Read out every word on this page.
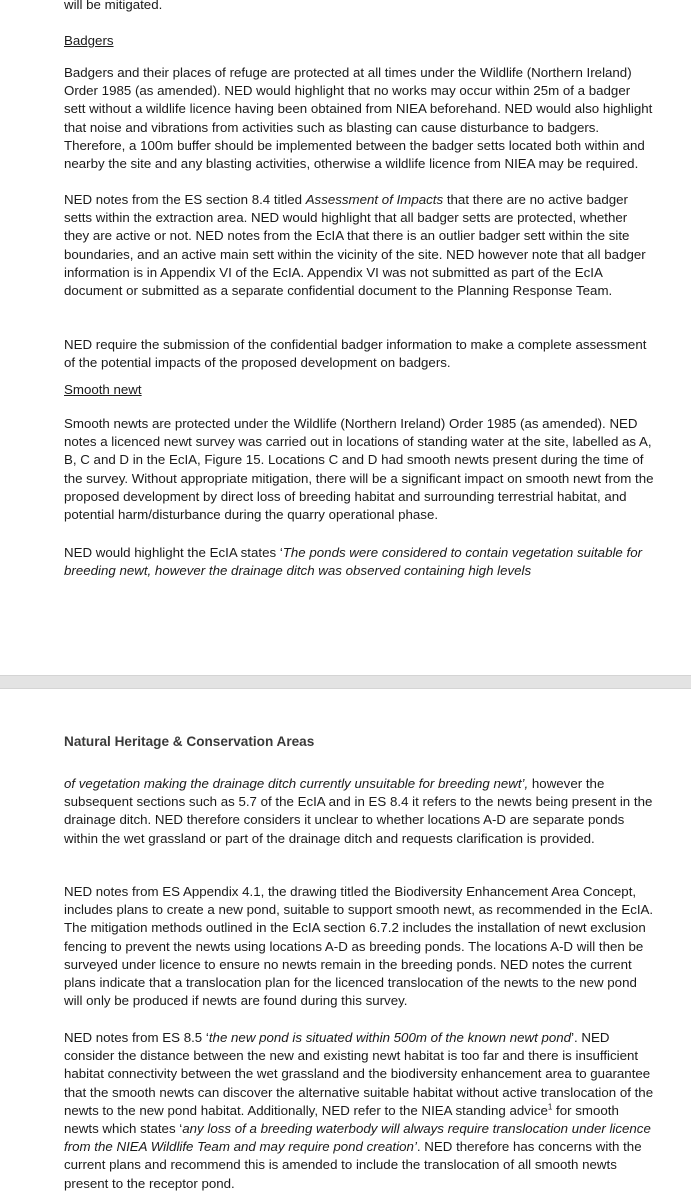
will be mitigated.

Badgers

Badgers and their places of refuge are protected at all times under the Wildlife (Northern Ireland) Order 1985 (as amended). NED would highlight that no works may occur within 25m of a badger sett without a wildlife licence having been obtained from NIEA beforehand. NED would also highlight that noise and vibrations from activities such as blasting can cause disturbance to badgers. Therefore, a 100m buffer should be implemented between the badger setts located both within and nearby the site and any blasting activities, otherwise a wildlife licence from NIEA may be required.

NED notes from the ES section 8.4 titled Assessment of Impacts that there are no active badger setts within the extraction area. NED would highlight that all badger setts are protected, whether they are active or not. NED notes from the EcIA that there is an outlier badger sett within the site boundaries, and an active main sett within the vicinity of the site. NED however note that all badger information is in Appendix VI of the EcIA. Appendix VI was not submitted as part of the EcIA document or submitted as a separate confidential document to the Planning Response Team.

NED require the submission of the confidential badger information to make a complete assessment of the potential impacts of the proposed development on badgers.

Smooth newt

Smooth newts are protected under the Wildlife (Northern Ireland) Order 1985 (as amended). NED notes a licenced newt survey was carried out in locations of standing water at the site, labelled as A, B, C and D in the EcIA, Figure 15. Locations C and D had smooth newts present during the time of the survey. Without appropriate mitigation, there will be a significant impact on smooth newt from the proposed development by direct loss of breeding habitat and surrounding terrestrial habitat, and potential harm/disturbance during the quarry operational phase.

NED would highlight the EcIA states ‘The ponds were considered to contain vegetation suitable for breeding newt, however the drainage ditch was observed containing high levels

Natural Heritage & Conservation Areas

of vegetation making the drainage ditch currently unsuitable for breeding newt’, however the subsequent sections such as 5.7 of the EcIA and in ES 8.4 it refers to the newts being present in the drainage ditch. NED therefore considers it unclear to whether locations A-D are separate ponds within the wet grassland or part of the drainage ditch and requests clarification is provided.

NED notes from ES Appendix 4.1, the drawing titled the Biodiversity Enhancement Area Concept, includes plans to create a new pond, suitable to support smooth newt, as recommended in the EcIA. The mitigation methods outlined in the EcIA section 6.7.2 includes the installation of newt exclusion fencing to prevent the newts using locations A-D as breeding ponds. The locations A-D will then be surveyed under licence to ensure no newts remain in the breeding ponds. NED notes the current plans indicate that a translocation plan for the licenced translocation of the newts to the new pond will only be produced if newts are found during this survey.

NED notes from ES 8.5 ‘the new pond is situated within 500m of the known newt pond’. NED consider the distance between the new and existing newt habitat is too far and there is insufficient habitat connectivity between the wet grassland and the biodiversity enhancement area to guarantee that the smooth newts can discover the alternative suitable habitat without active translocation of the newts to the new pond habitat. Additionally, NED refer to the NIEA standing advice$^1$ for smooth newts which states ‘any loss of a breeding waterbody will always require translocation under licence from the NIEA Wildlife Team and may require pond creation’. NED therefore has concerns with the current plans and recommend this is amended to include the translocation of all smooth newts present to the receptor pond.
